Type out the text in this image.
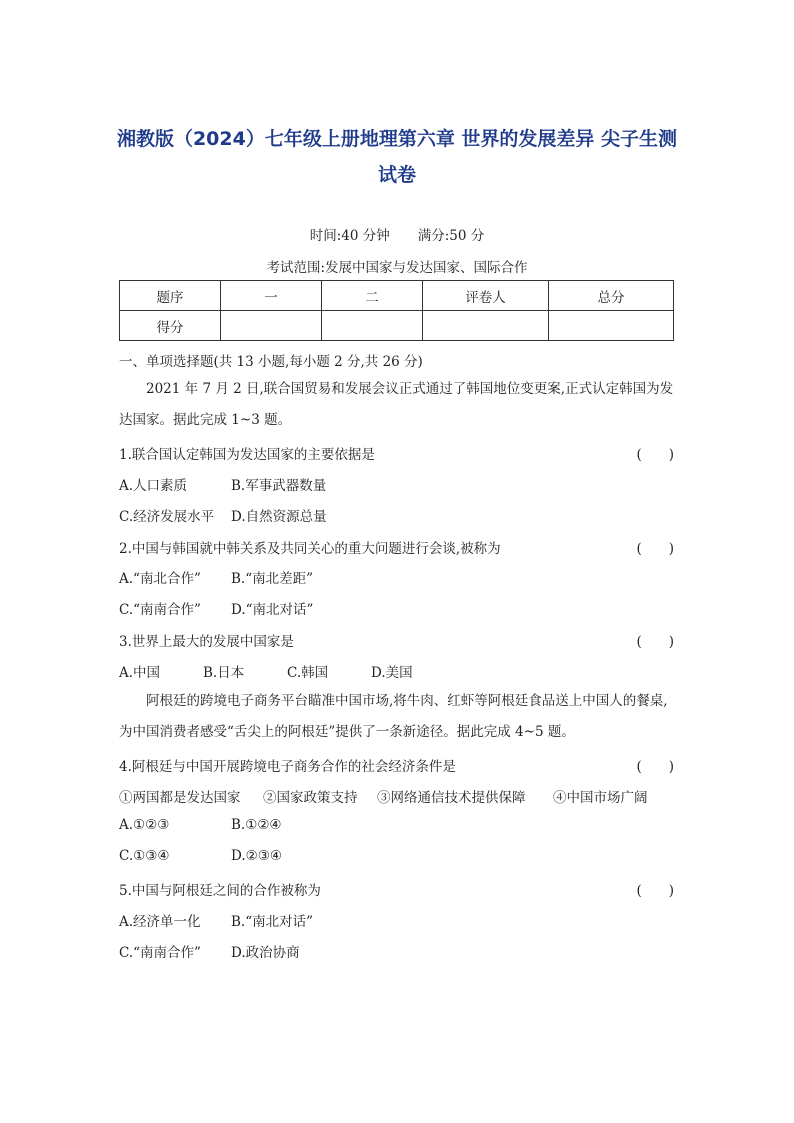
湘教版（2024）七年级上册地理第六章 世界的发展差异 尖子生测
试卷
时间:40 分钟 满分:50 分
考试范围:发展中国家与发达国家、国际合作
题序	一	二	评卷人	总分
得分				
一、单项选择题(共 13 小题,每小题 2 分,共 26 分)
2021 年 7 月 2 日,联合国贸易和发展会议正式通过了韩国地位变更案,正式认定韩国为发达国家。据此完成 1~3 题。
1.联合国认定韩国为发达国家的主要依据是	(　　)
A.人口素质	B.军事武器数量
C.经济发展水平 D.自然资源总量
2.中国与韩国就中韩关系及共同关心的重大问题进行会谈,被称为	(　　)
A.“南北合作” B.“南北差距”
C.“南南合作” D.“南北对话”
3.世界上最大的发展中国家是	(　　)
A.中国	B.日本	C.韩国	D.美国
阿根廷的跨境电子商务平台瞄准中国市场,将牛肉、红虾等阿根廷食品送上中国人的餐桌,为中国消费者感受“舌尖上的阿根廷”提供了一条新途径。据此完成 4~5 题。
4.阿根廷与中国开展跨境电子商务合作的社会经济条件是	(　　)
①两国都是发达国家 ②国家政策支持 ③网络通信技术提供保障 ④中国市场广阔
A.①②③	B.①②④
C.①③④	D.②③④
5.中国与阿根廷之间的合作被称为	(　　)
A.经济单一化 B.“南北对话”
C.“南南合作” D.政治协商
